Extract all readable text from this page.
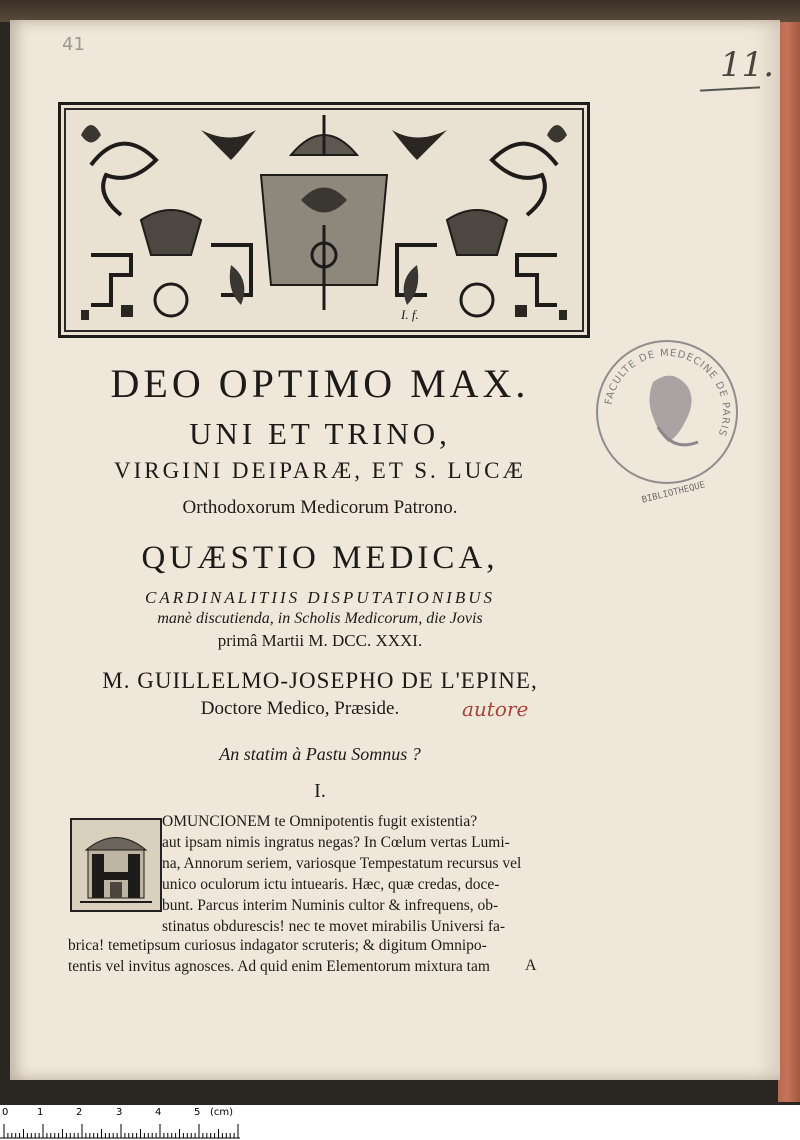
41
11.
I. f.
DEO OPTIMO MAX.
UNI ET TRINO,
VIRGINI DEIPARÆ, ET S. LUCÆ
Orthodoxorum Medicorum Patrono.
QUÆSTIO MEDICA,
CARDINALITIIS DISPUTATIONIBUS
manè discutienda, in Scholis Medicorum, die Jovis
primâ Martii M. DCC. XXXI.
M. GUILLELMO-JOSEPHO DE L'EPINE,
Doctore Medico, Præside.	autore
An statim à Pastu Somnus ?
I.
OMUNCIONEM te Omnipotentis fugit existentia?
aut ipsam nimis ingratus negas? In Cœlum vertas Lumi-
na, Annorum seriem, variosque Tempestatum recursus vel
unico oculorum ictu intuearis. Hæc, quæ credas, doce-
bunt. Parcus interim Numinis cultor & infrequens, ob-
stinatus obdurescis! nec te movet mirabilis Universi fa-
brica! temetipsum curiosus indagator scruteris; & digitum Omnipo-
tentis vel invitus agnosces. Ad quid enim Elementorum mixtura tam A
FACULTE DE MEDECINE DE PARIS
BIBLIOTHEQUE
0	1	2	3	4	5 (cm)
